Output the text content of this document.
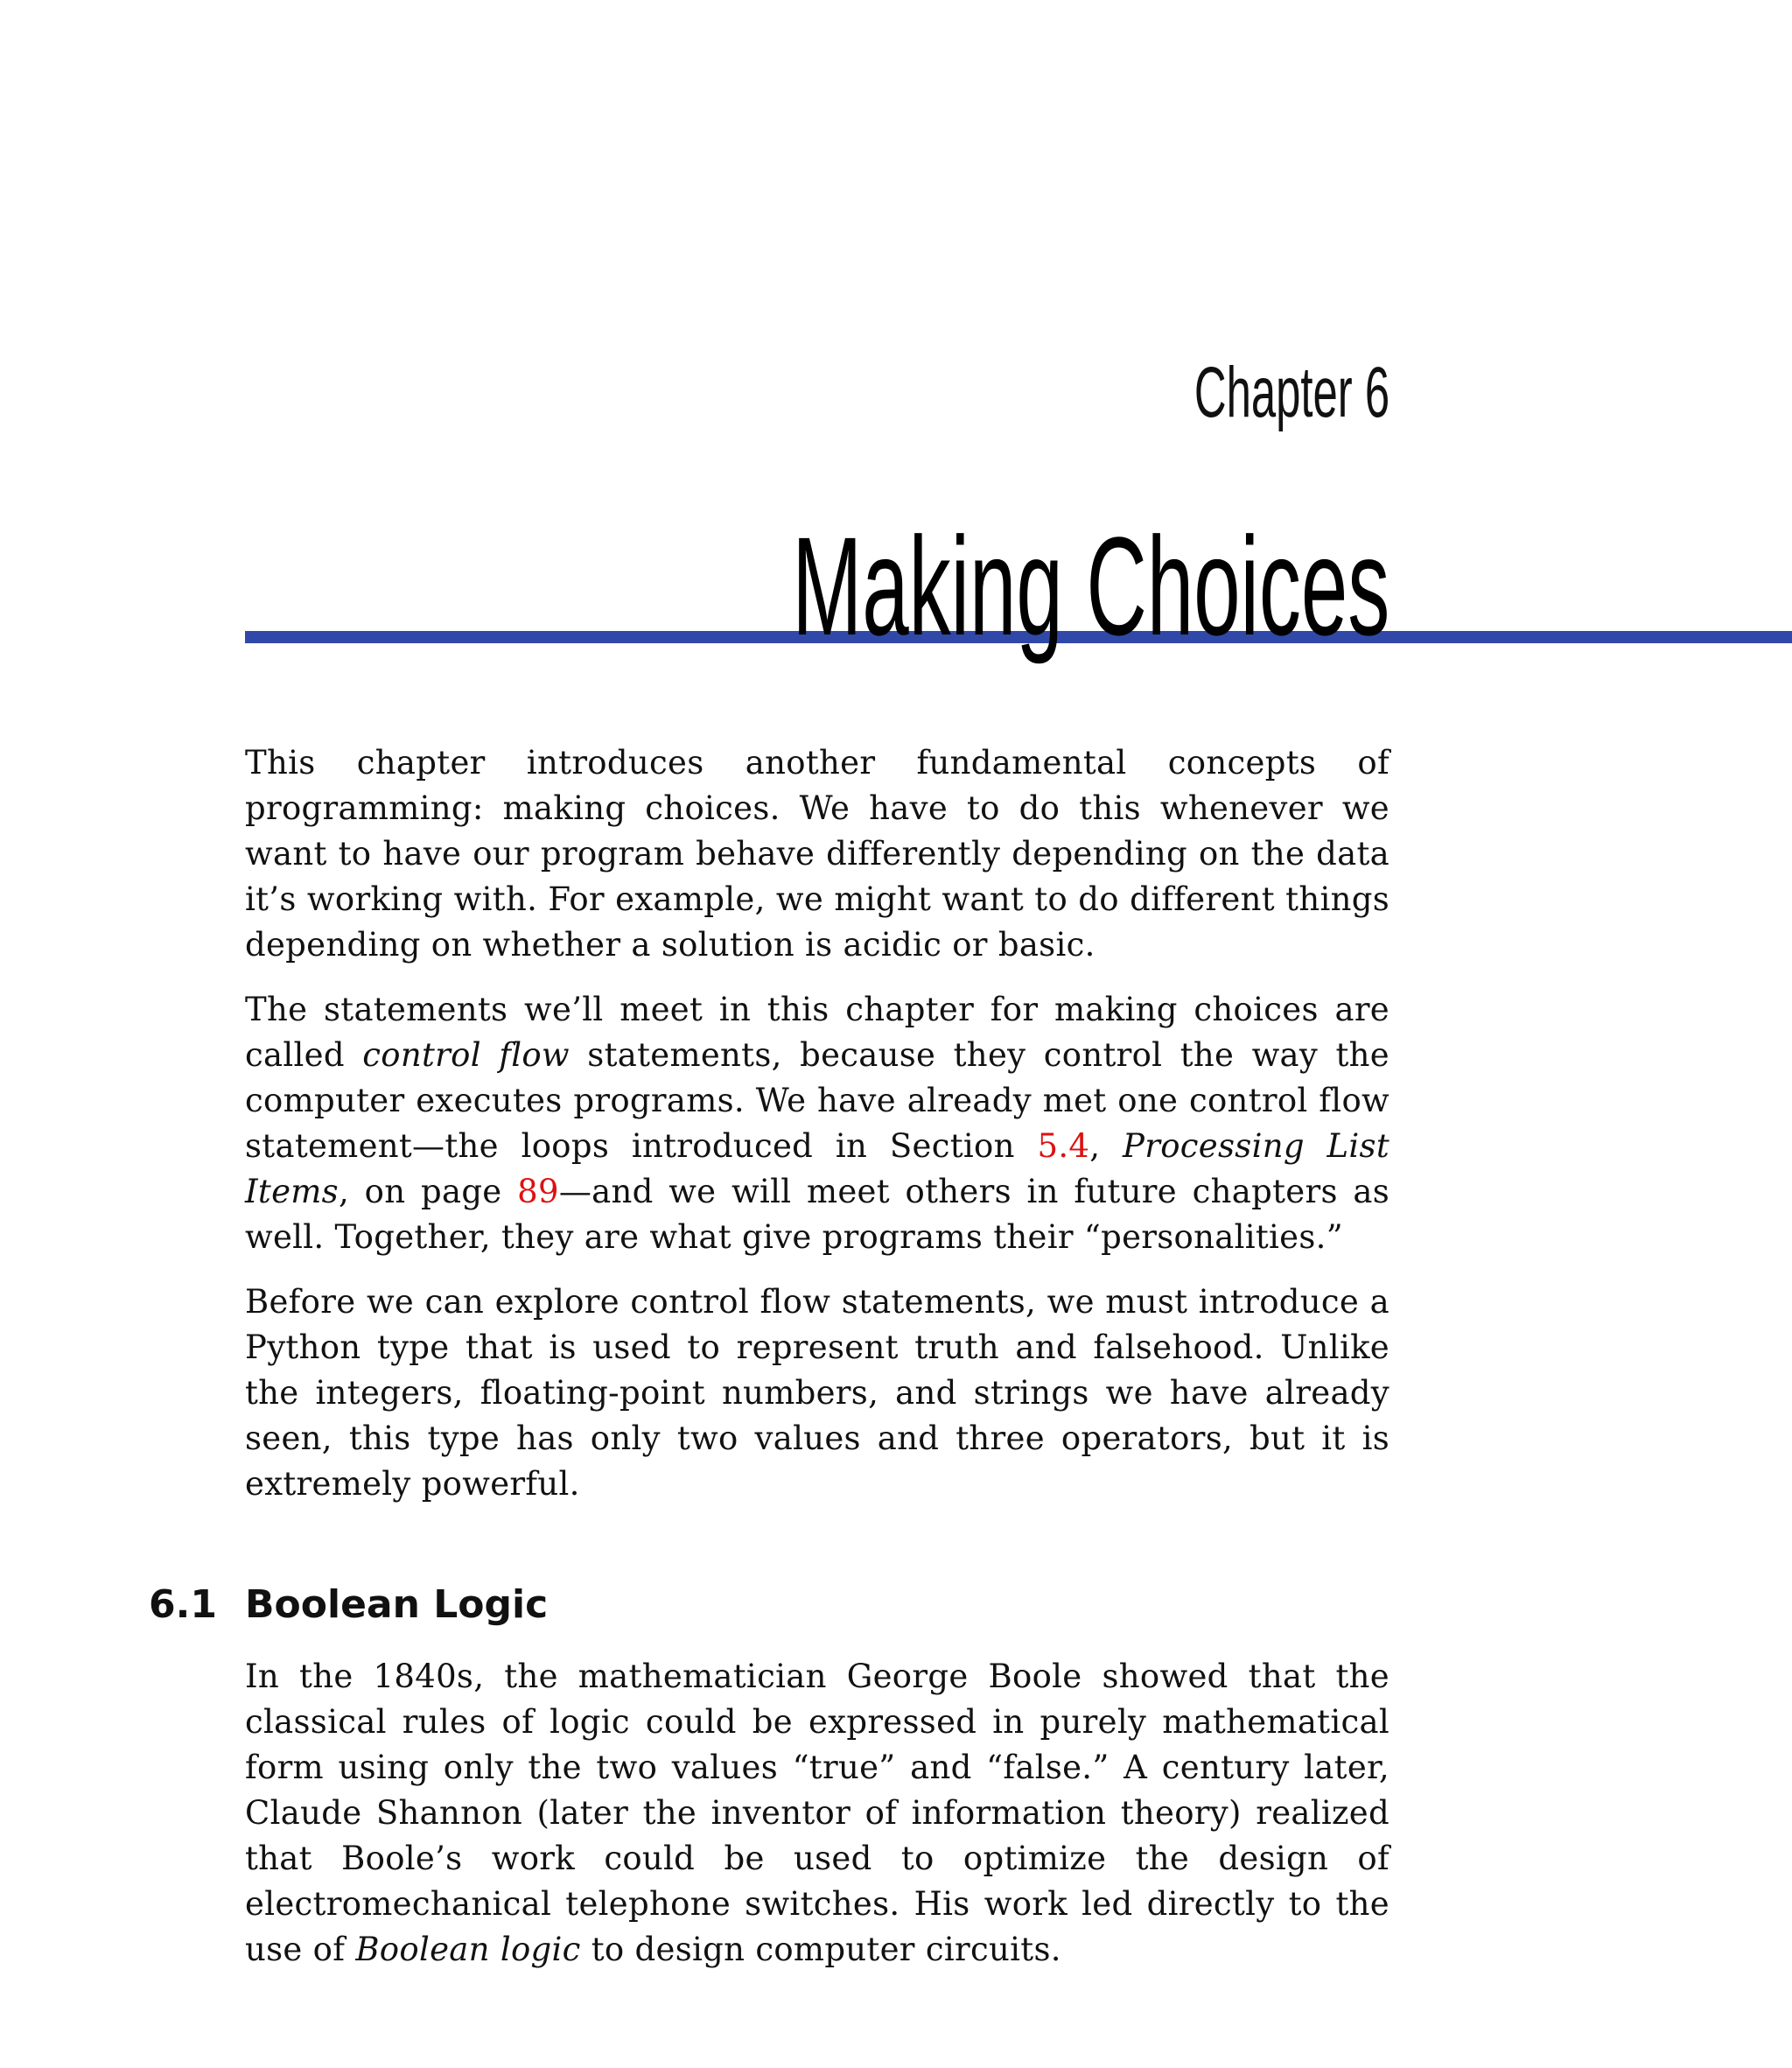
Chapter 6
Making Choices

This chapter introduces another fundamental concepts of programming: making choices. We have to do this whenever we want to have our program behave differently depending on the data it’s working with. For example, we might want to do different things depending on whether a solution is acidic or basic.

The statements we’ll meet in this chapter for making choices are called control flow statements, because they control the way the computer executes programs. We have already met one control flow statement—the loops introduced in Section 5.4, Processing List Items, on page 89—and we will meet others in future chapters as well. Together, they are what give programs their “personalities.”

Before we can explore control flow statements, we must introduce a Python type that is used to represent truth and falsehood. Unlike the integers, floating-point numbers, and strings we have already seen, this type has only two values and three operators, but it is extremely powerful.

6.1 Boolean Logic

In the 1840s, the mathematician George Boole showed that the classical rules of logic could be expressed in purely mathematical form using only the two values “true” and “false.” A century later, Claude Shannon (later the inventor of information theory) realized that Boole’s work could be used to optimize the design of electromechanical telephone switches. His work led directly to the use of Boolean logic to design computer circuits.
